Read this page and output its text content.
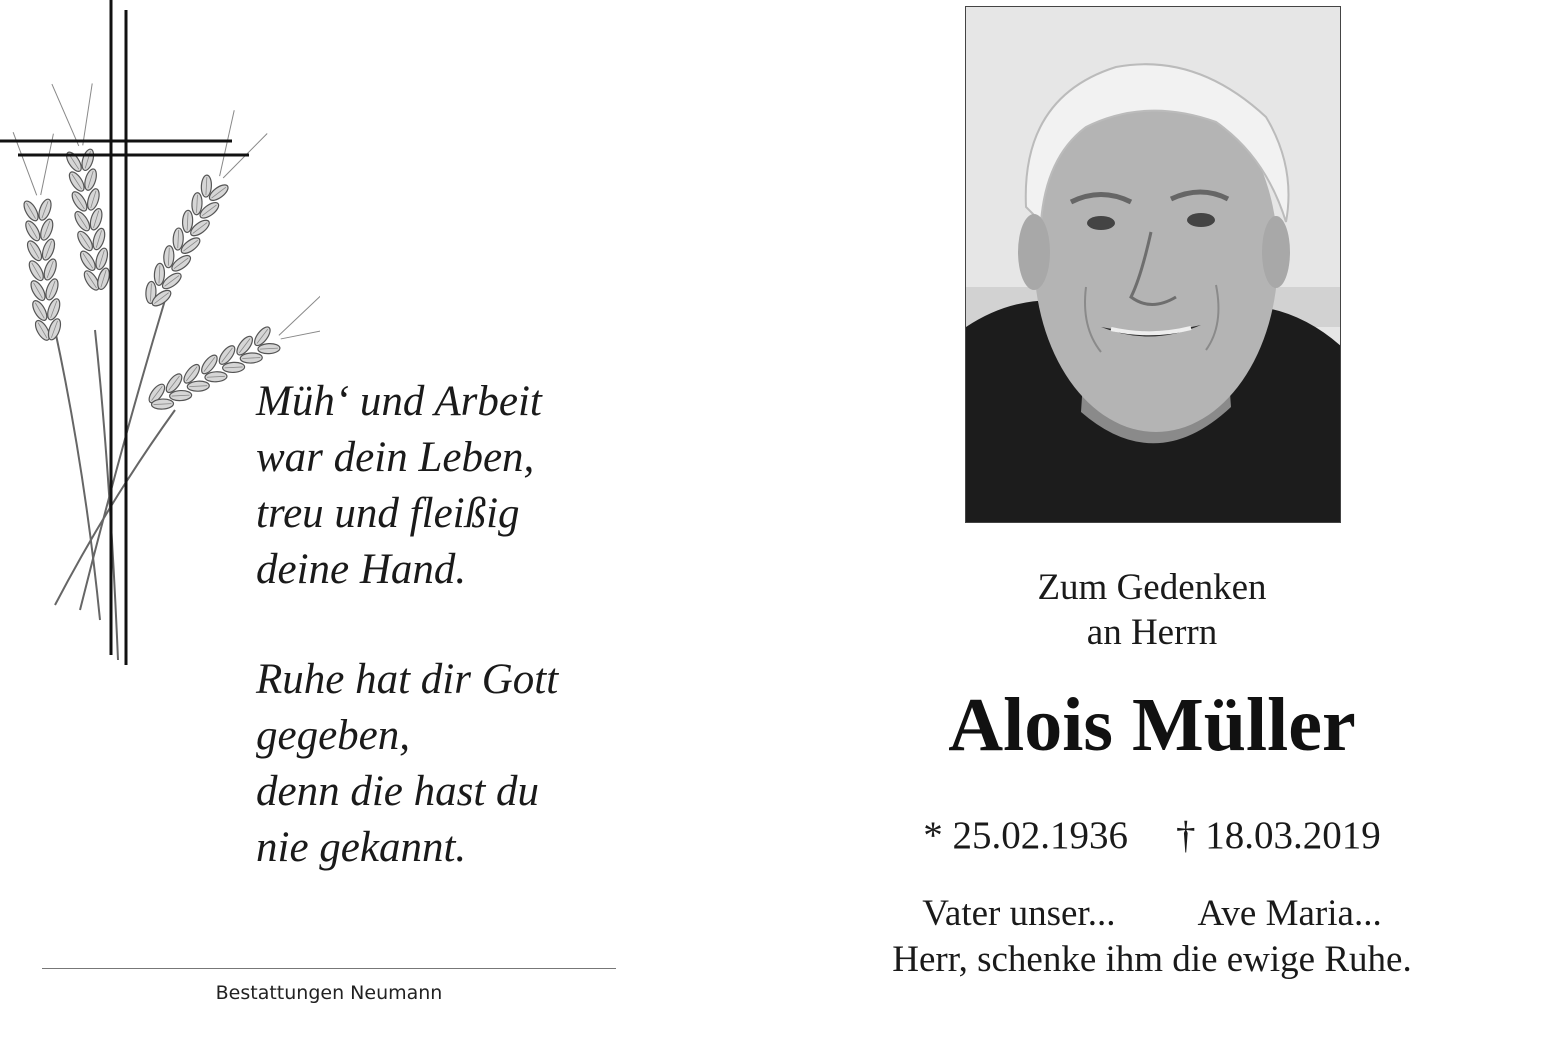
Müh‘ und Arbeit
war dein Leben,
treu und fleißig
deine Hand.
Ruhe hat dir Gott
gegeben,
denn die hast du
nie gekannt.
Bestattungen Neumann
Zum Gedenken
an Herrn
Alois Müller
* 25.02.1936 † 18.03.2019
Vater unser... Ave Maria...
Herr, schenke ihm die ewige Ruhe.
